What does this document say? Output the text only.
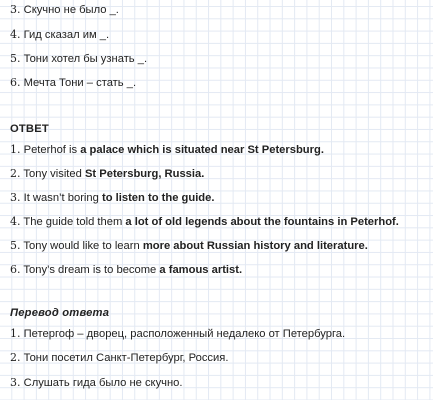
3. Скучно не было _.
4. Гид сказал им _.
5. Тони хотел бы узнать _.
6. Мечта Тони – стать _.
ОТВЕТ
1. Peterhof is a palace which is situated near St Petersburg.
2. Tony visited St Petersburg, Russia.
3. It wasn’t boring to listen to the guide.
4. The guide told them a lot of old legends about the fountains in Peterhof.
5. Tony would like to learn more about Russian history and literature.
6. Tony’s dream is to become a famous artist.
Перевод ответа
1. Петергоф – дворец, расположенный недалеко от Петербурга.
2. Тони посетил Санкт-Петербург, Россия.
3. Слушать гида было не скучно.
